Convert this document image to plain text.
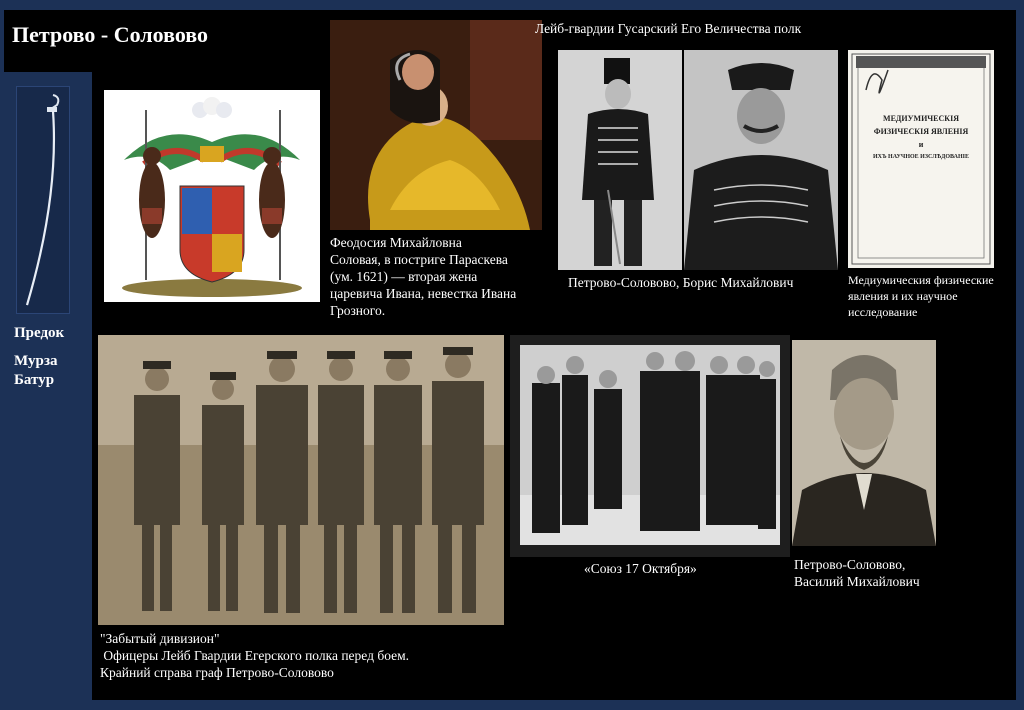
Петрово - Соловово
Предок
Мурза
Батур
Лейб-гвардии Гусарский Его Величества полк
Петрово-Соловово, Борис Михайлович
МЕДИУМИЧЕСКІЯ
ФИЗИЧЕСКІЯ ЯВЛЕНІЯ
и
ИХЪ НАУЧНОЕ ИЗСЛѢДОВАНІЕ
Медиумическия физические
явления и их научное
исследование
Феодосия Михайловна
Соловая, в постриге Параскева
(ум. 1621) — вторая жена
царевича Ивана, невестка Ивана
Грозного.
"Забытый дивизион"
Офицеры Лейб Гвардии Егерского полка перед боем.
Крайний справа граф Петрово-Соловово
«Союз 17 Октября»	Петрово-Соловово,
Василий Михайлович
